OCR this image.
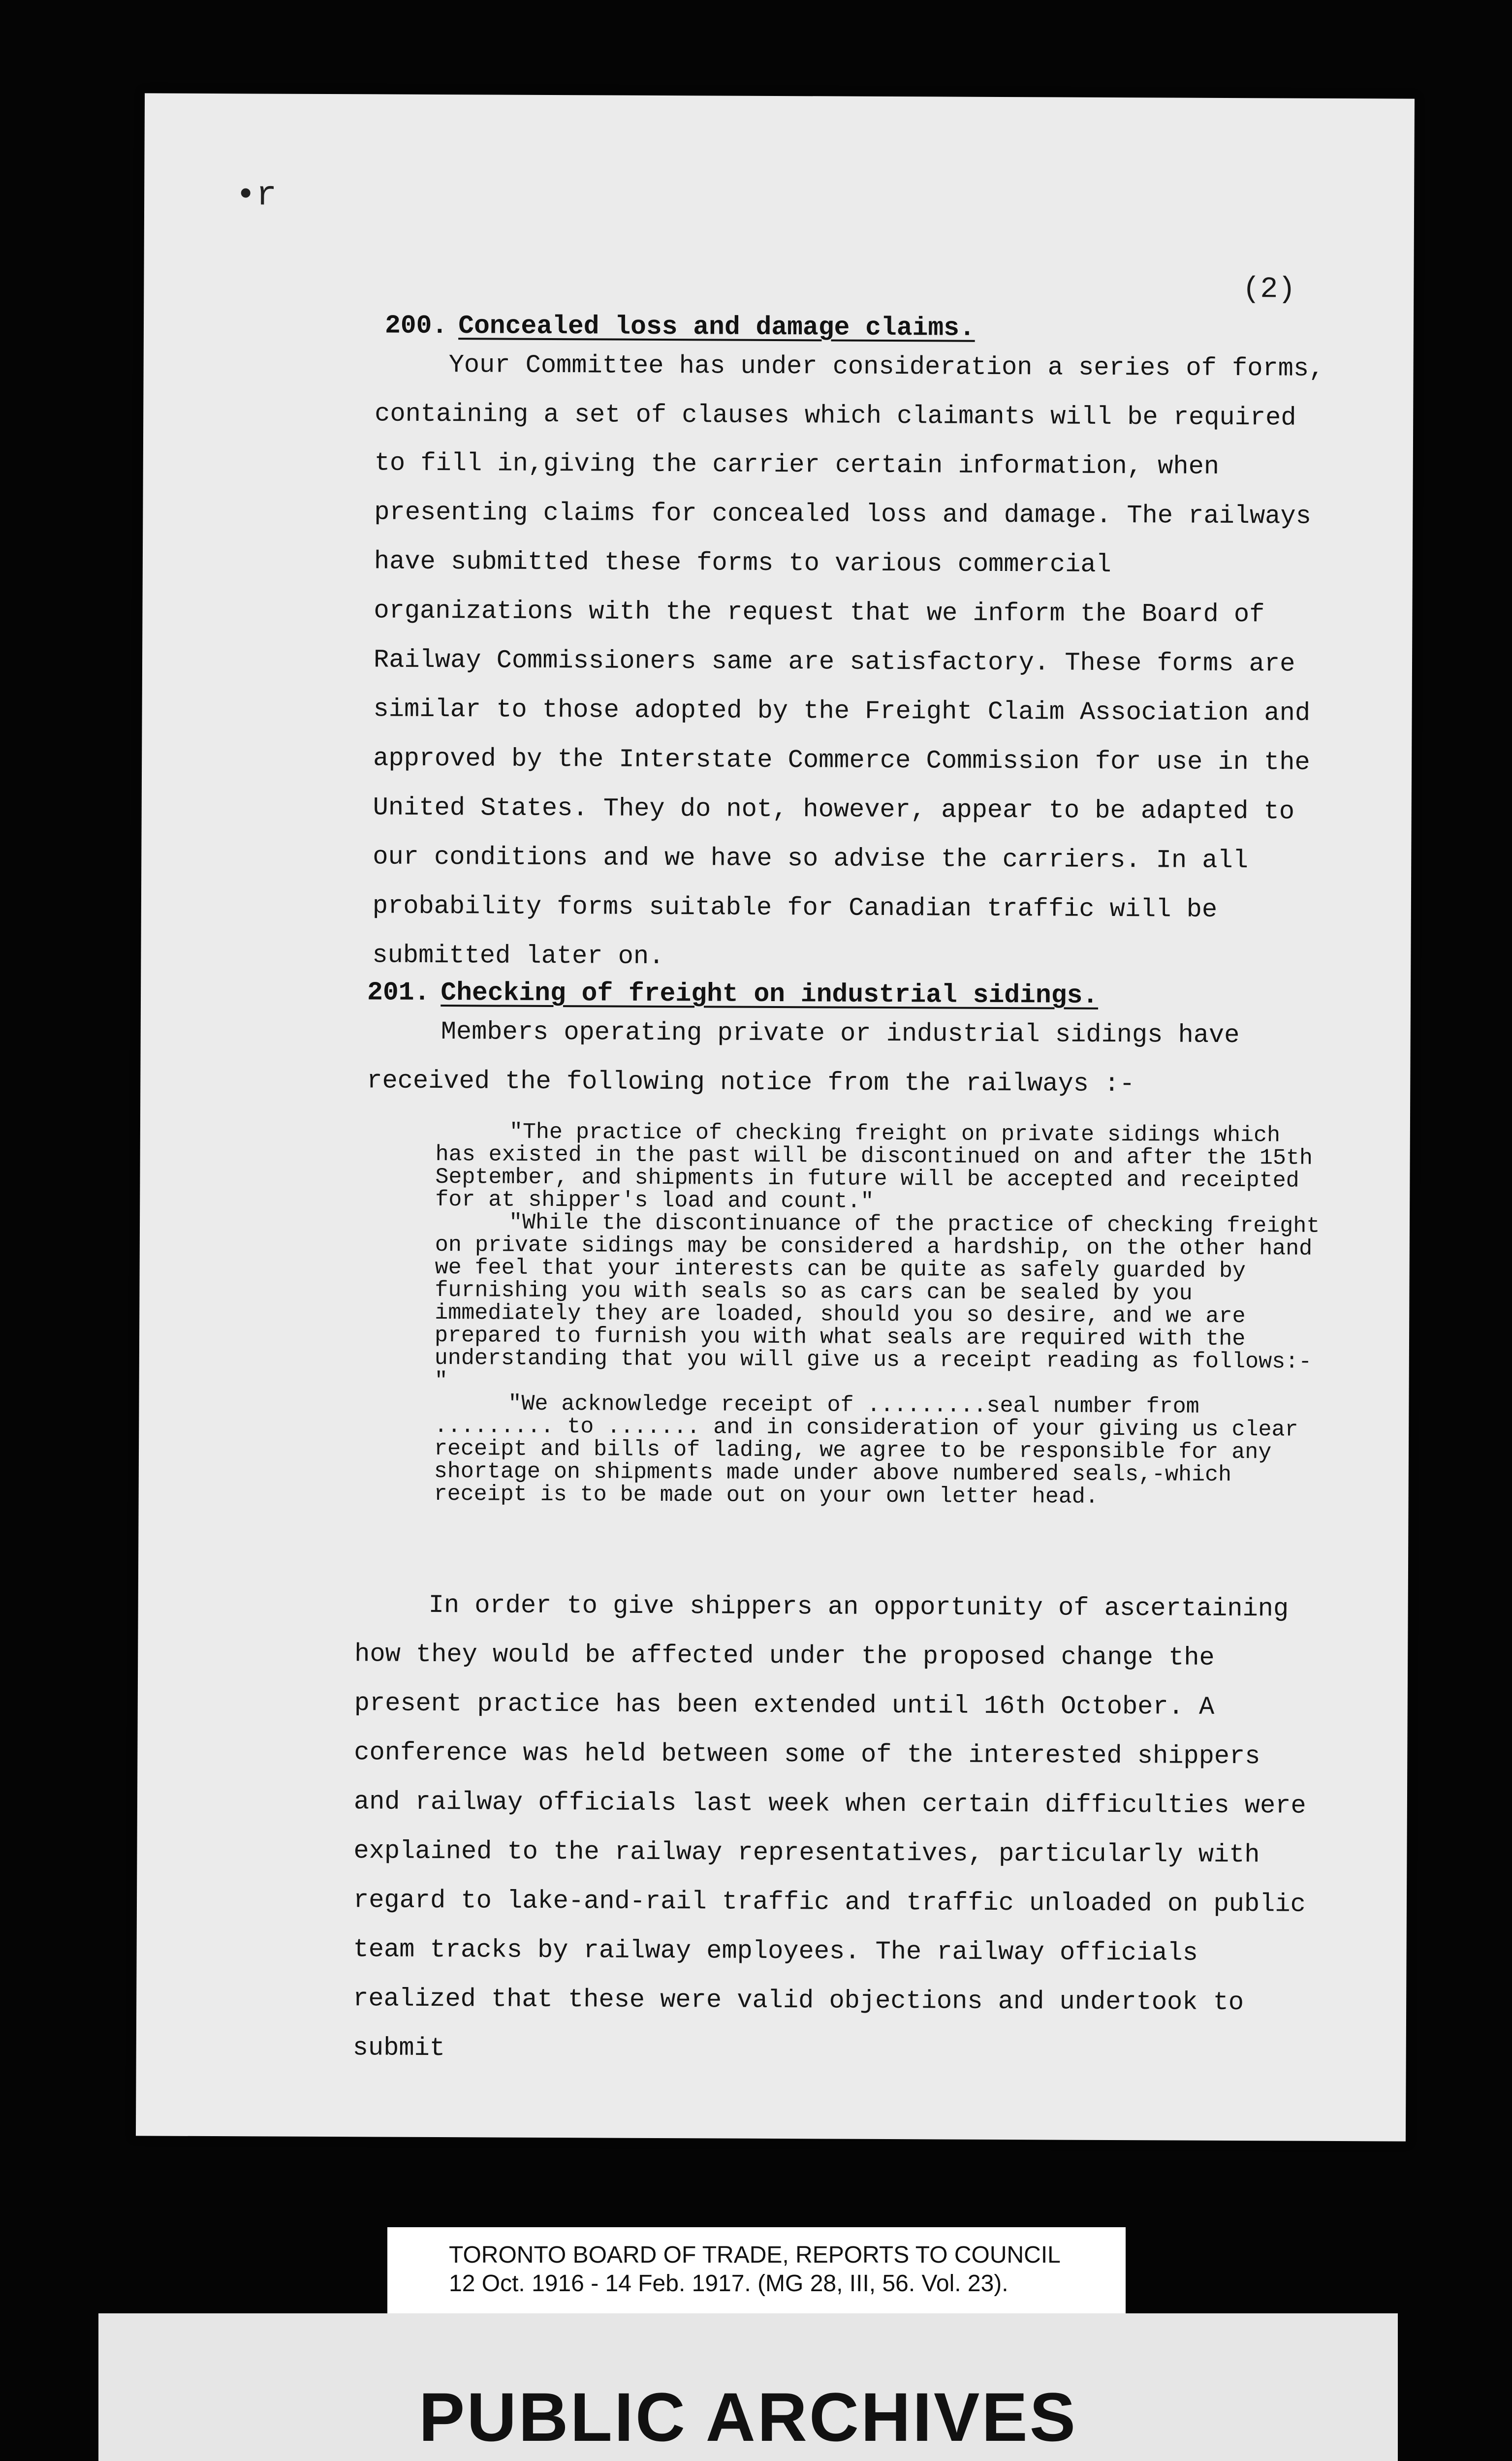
•r
(2)
200. Concealed loss and damage claims.

Your Committee has under consideration a series of forms, containing a set of clauses which claimants will be required to fill in,giving the carrier certain information, when presenting claims for concealed loss and damage. The railways have submitted these forms to various commercial organizations with the request that we inform the Board of Railway Commissioners same are satisfactory. These forms are similar to those adopted by the Freight Claim Association and approved by the Interstate Commerce Commission for use in the United States. They do not, however, appear to be adapted to our conditions and we have so advise the carriers. In all probability forms suitable for Canadian traffic will be submitted later on.

201. Checking of freight on industrial sidings.

Members operating private or industrial sidings have received the following notice from the railways :-

"The practice of checking freight on private sidings which has existed in the past will be discontinued on and after the 15th September, and shipments in future will be accepted and receipted for at shipper's load and count."

"While the discontinuance of the practice of checking freight on private sidings may be considered a hardship, on the other hand we feel that your interests can be quite as safely guarded by furnishing you with seals so as cars can be sealed by you immediately they are loaded, should you so desire, and we are prepared to furnish you with what seals are required with the understanding that you will give us a receipt reading as follows:-"

"We acknowledge receipt of .........seal number from ......... to ....... and in consideration of your giving us clear receipt and bills of lading, we agree to be responsible for any shortage on shipments made under above numbered seals,-which receipt is to be made out on your own letter head.

In order to give shippers an opportunity of ascertaining how they would be affected under the proposed change the present practice has been extended until 16th October. A conference was held between some of the interested shippers and railway officials last week when certain difficulties were explained to the railway representatives, particularly with regard to lake-and-rail traffic and traffic unloaded on public team tracks by railway employees. The railway officials realized that these were valid objections and undertook to submit

TORONTO BOARD OF TRADE, REPORTS TO COUNCIL
12 Oct. 1916 - 14 Feb. 1917. (MG 28, III, 56. Vol. 23).
PUBLIC ARCHIVES
